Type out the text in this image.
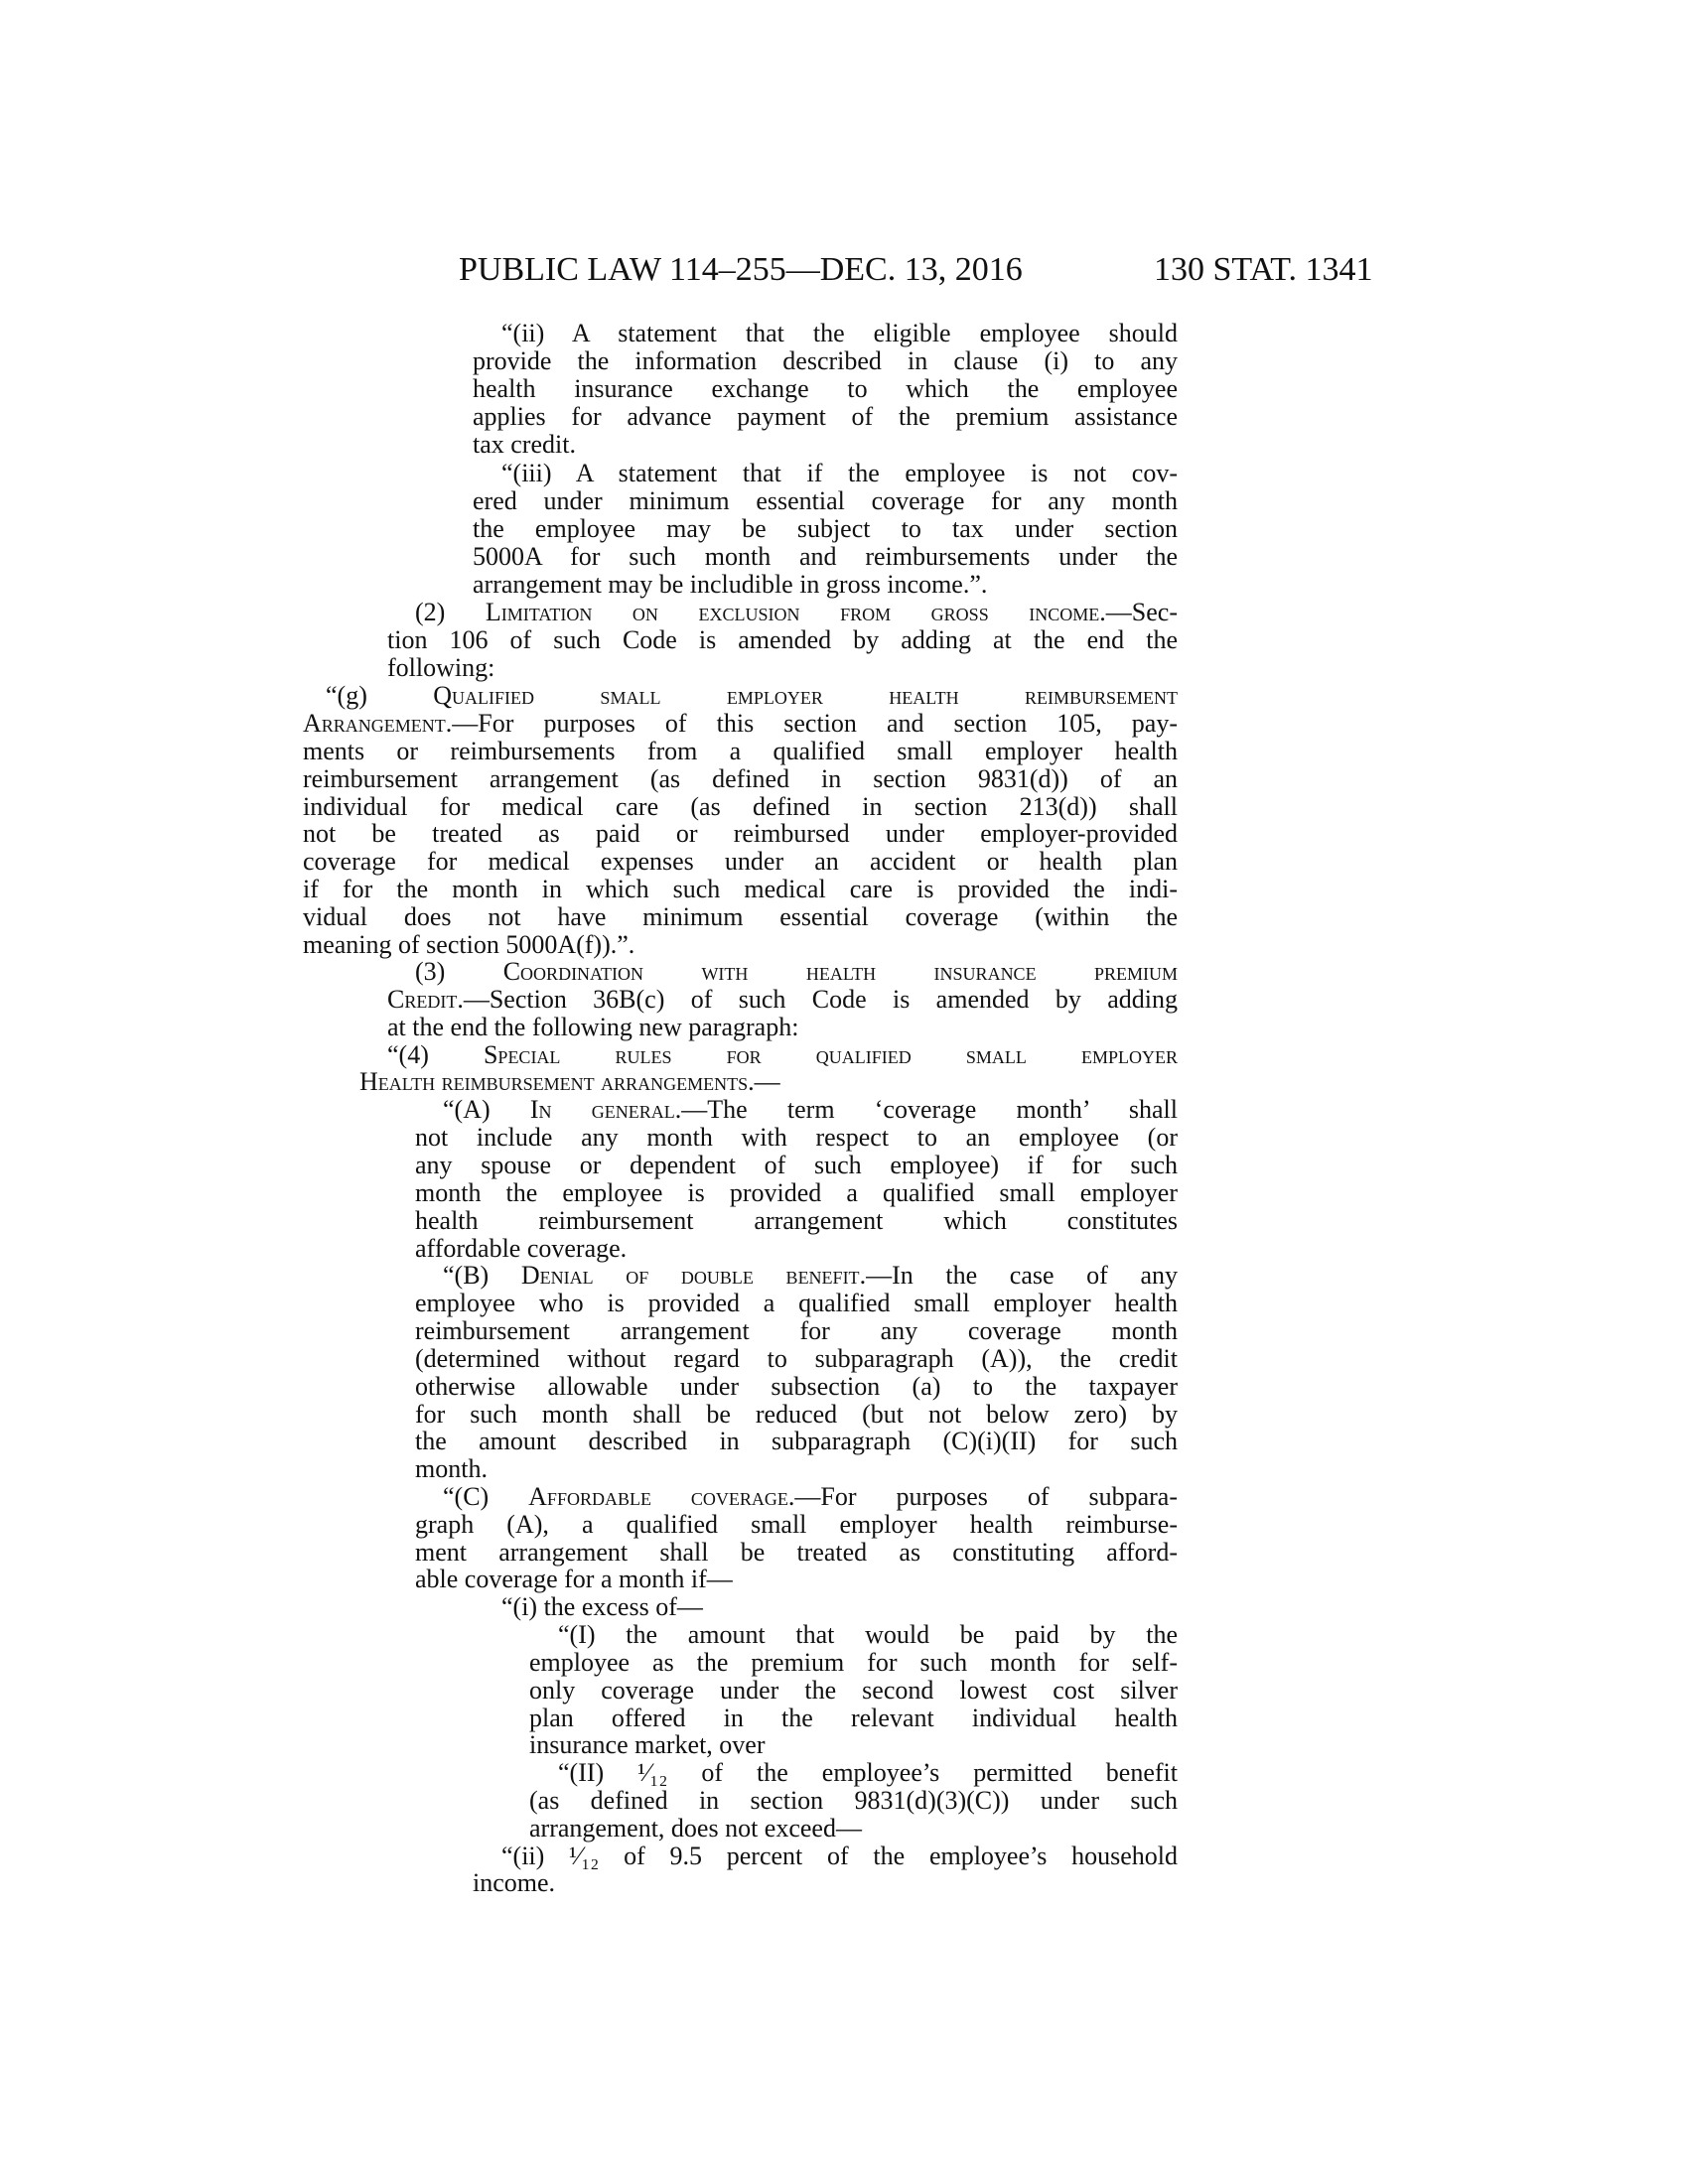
PUBLIC LAW 114–255—DEC. 13, 2016	130 STAT. 1341
“(ii) A statement that the eligible employee should
provide the information described in clause (i) to any
health insurance exchange to which the employee
applies for advance payment of the premium assistance
tax credit.
“(iii) A statement that if the employee is not cov-
ered under minimum essential coverage for any month
the employee may be subject to tax under section
5000A for such month and reimbursements under the
arrangement may be includible in gross income.”.
(2) Limitation on exclusion from gross income.—Sec-
tion 106 of such Code is amended by adding at the end the
following:
“(g) Qualified small employer health reimbursement
Arrangement.—For purposes of this section and section 105, pay-
ments or reimbursements from a qualified small employer health
reimbursement arrangement (as defined in section 9831(d)) of an
individual for medical care (as defined in section 213(d)) shall
not be treated as paid or reimbursed under employer-provided
coverage for medical expenses under an accident or health plan
if for the month in which such medical care is provided the indi-
vidual does not have minimum essential coverage (within the
meaning of section 5000A(f)).”.
(3) Coordination with health insurance premium
Credit.—Section 36B(c) of such Code is amended by adding
at the end the following new paragraph:
“(4) Special rules for qualified small employer
Health reimbursement arrangements.—
“(A) In general.—The term ‘coverage month’ shall
not include any month with respect to an employee (or
any spouse or dependent of such employee) if for such
month the employee is provided a qualified small employer
health reimbursement arrangement which constitutes
affordable coverage.
“(B) Denial of double benefit.—In the case of any
employee who is provided a qualified small employer health
reimbursement arrangement for any coverage month
(determined without regard to subparagraph (A)), the credit
otherwise allowable under subsection (a) to the taxpayer
for such month shall be reduced (but not below zero) by
the amount described in subparagraph (C)(i)(II) for such
month.
“(C) Affordable coverage.—For purposes of subpara-
graph (A), a qualified small employer health reimburse-
ment arrangement shall be treated as constituting afford-
able coverage for a month if—
“(i) the excess of—
“(I) the amount that would be paid by the
employee as the premium for such month for self-
only coverage under the second lowest cost silver
plan offered in the relevant individual health
insurance market, over
“(II) ¹⁄₁₂ of the employee’s permitted benefit
(as defined in section 9831(d)(3)(C)) under such
arrangement, does not exceed—
“(ii) ¹⁄₁₂ of 9.5 percent of the employee’s household
income.
